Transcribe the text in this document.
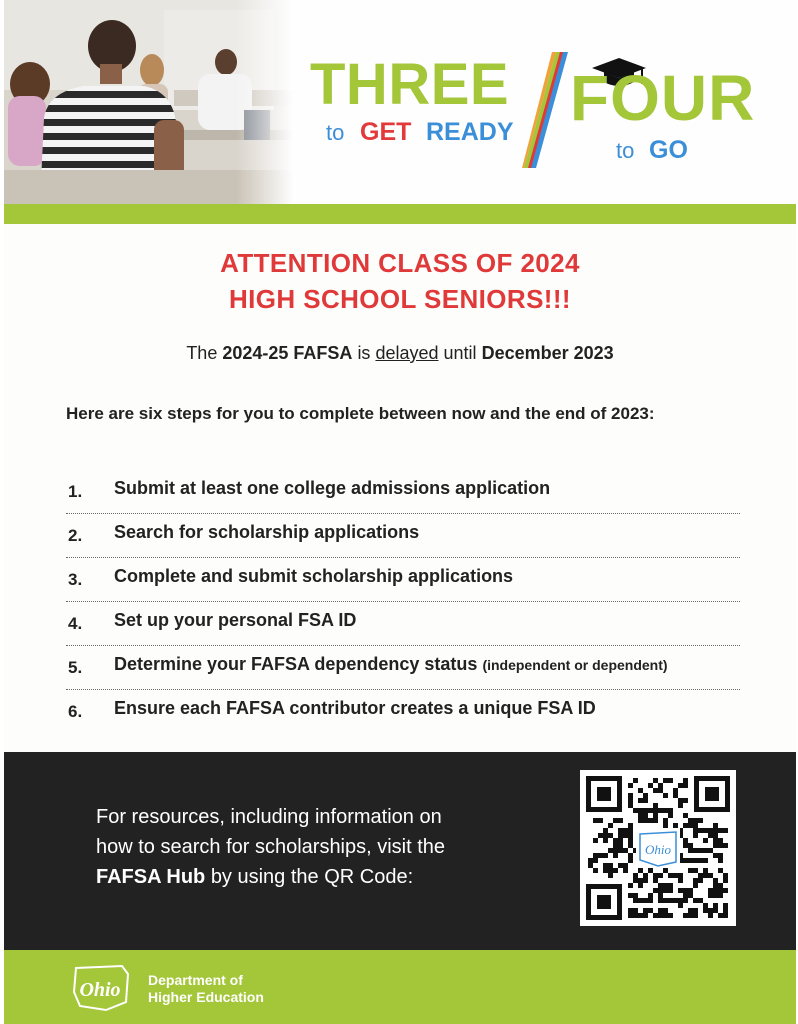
THREE
to GET READY FOUR
to GO
ATTENTION CLASS OF 2024
HIGH SCHOOL SENIORS!!!
The 2024-25 FAFSA is delayed until December 2023
Here are six steps for you to complete between now and the end of 2023:
1. Submit at least one college admissions application
2. Search for scholarship applications
3. Complete and submit scholarship applications
4. Set up your personal FSA ID
5. Determine your FAFSA dependency status (independent or dependent)
6. Ensure each FAFSA contributor creates a unique FSA ID
For resources, including information on
how to search for scholarships, visit the
FAFSA Hub by using the QR Code:
Ohio
Ohio Department of
Higher Education
